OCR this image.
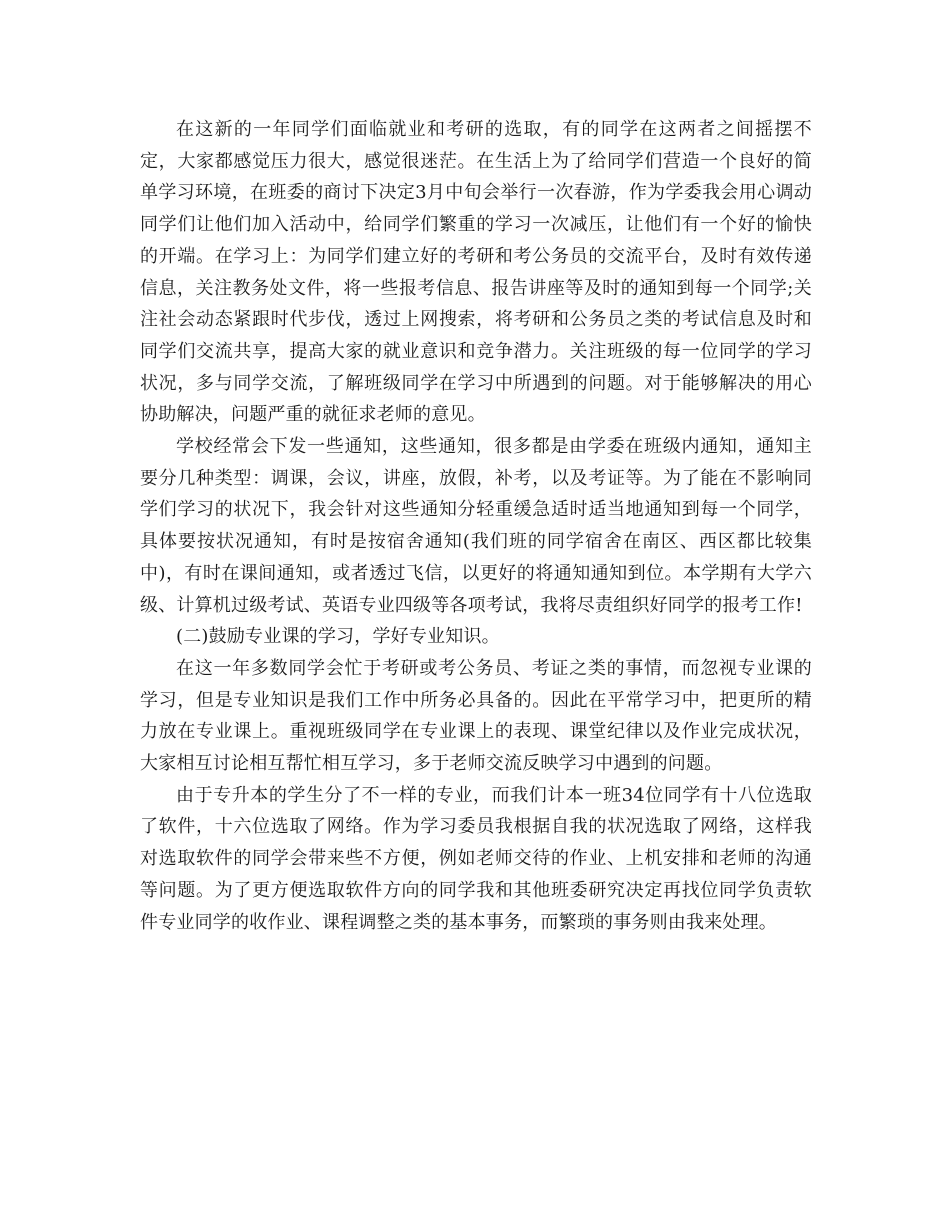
在这新的一年同学们面临就业和考研的选取，有的同学在这两者之间摇摆不定，大家都感觉压力很大，感觉很迷茫。在生活上为了给同学们营造一个良好的简单学习环境，在班委的商讨下决定3月中旬会举行一次春游，作为学委我会用心调动同学们让他们加入活动中，给同学们繁重的学习一次减压，让他们有一个好的愉快的开端。在学习上：为同学们建立好的考研和考公务员的交流平台，及时有效传递信息，关注教务处文件，将一些报考信息、报告讲座等及时的通知到每一个同学;关注社会动态紧跟时代步伐，透过上网搜索，将考研和公务员之类的考试信息及时和同学们交流共享，提高大家的就业意识和竞争潜力。关注班级的每一位同学的学习状况，多与同学交流，了解班级同学在学习中所遇到的问题。对于能够解决的用心协助解决，问题严重的就征求老师的意见。

学校经常会下发一些通知，这些通知，很多都是由学委在班级内通知，通知主要分几种类型：调课，会议，讲座，放假，补考，以及考证等。为了能在不影响同学们学习的状况下，我会针对这些通知分轻重缓急适时适当地通知到每一个同学，具体要按状况通知，有时是按宿舍通知(我们班的同学宿舍在南区、西区都比较集中)，有时在课间通知，或者透过飞信，以更好的将通知通知到位。本学期有大学六级、计算机过级考试、英语专业四级等各项考试，我将尽责组织好同学的报考工作!

(二)鼓励专业课的学习，学好专业知识。

在这一年多数同学会忙于考研或考公务员、考证之类的事情，而忽视专业课的学习，但是专业知识是我们工作中所务必具备的。因此在平常学习中，把更所的精力放在专业课上。重视班级同学在专业课上的表现、课堂纪律以及作业完成状况，大家相互讨论相互帮忙相互学习，多于老师交流反映学习中遇到的问题。

由于专升本的学生分了不一样的专业，而我们计本一班34位同学有十八位选取了软件，十六位选取了网络。作为学习委员我根据自我的状况选取了网络，这样我对选取软件的同学会带来些不方便，例如老师交待的作业、上机安排和老师的沟通等问题。为了更方便选取软件方向的同学我和其他班委研究决定再找位同学负责软件专业同学的收作业、课程调整之类的基本事务，而繁琐的事务则由我来处理。
